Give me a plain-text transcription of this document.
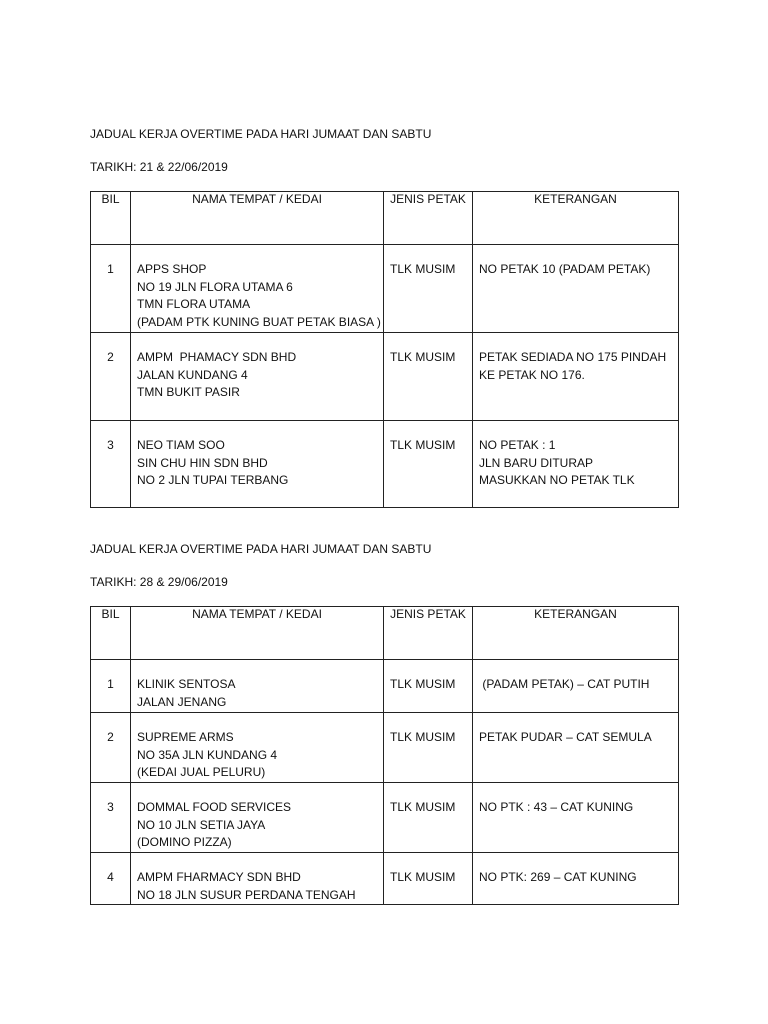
JADUAL KERJA OVERTIME PADA HARI JUMAAT DAN SABTU

TARIKH: 21 & 22/06/2019
BIL	NAMA TEMPAT / KEDAI	JENIS PETAK	KETERANGAN

1	APPS SHOP
NO 19 JLN FLORA UTAMA 6
TMN FLORA UTAMA
(PADAM PTK KUNING BUAT PETAK BIASA )	TLK MUSIM	NO PETAK 10 (PADAM PETAK)

2	AMPM  PHAMACY SDN BHD
JALAN KUNDANG 4
TMN BUKIT PASIR	TLK MUSIM	PETAK SEDIADA NO 175 PINDAH
KE PETAK NO 176.

3	NEO TIAM SOO
SIN CHU HIN SDN BHD
NO 2 JLN TUPAI TERBANG	TLK MUSIM	NO PETAK : 1
JLN BARU DITURAP
MASUKKAN NO PETAK TLK

JADUAL KERJA OVERTIME PADA HARI JUMAAT DAN SABTU

TARIKH: 28 & 29/06/2019
BIL	NAMA TEMPAT / KEDAI	JENIS PETAK	KETERANGAN

1	KLINIK SENTOSA
JALAN JENANG	TLK MUSIM	(PADAM PETAK) – CAT PUTIH

2	SUPREME ARMS
NO 35A JLN KUNDANG 4
(KEDAI JUAL PELURU)	TLK MUSIM	PETAK PUDAR – CAT SEMULA

3	DOMMAL FOOD SERVICES
NO 10 JLN SETIA JAYA
(DOMINO PIZZA)	TLK MUSIM	NO PTK : 43 – CAT KUNING

4	AMPM FHARMACY SDN BHD
NO 18 JLN SUSUR PERDANA TENGAH	TLK MUSIM	NO PTK: 269 – CAT KUNING
